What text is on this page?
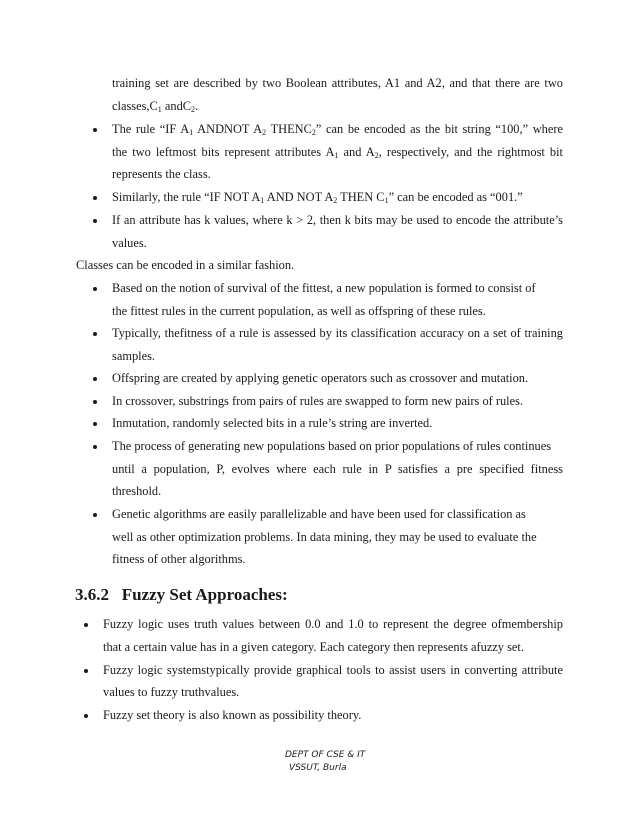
training set are described by two Boolean attributes, A1 and A2, and that there are two
$classes,C_1$ andC$_2$.
The rule “IF $A_1$ ANDNOT $A_2$ $THENC_2$” can be encoded as the bit string “100,” where
the two leftmost bits represent attributes $A_1$ and $A_2$, respectively, and the rightmost bit
represents the class.
Similarly, the rule “IF NOT $A_1$ AND NOT $A_2$ THEN $C_1$” can be encoded as “001.”
If an attribute has k values, where k > 2, then k bits may be used to encode the attribute’s
values.
Classes can be encoded in a similar fashion.
Based on the notion of survival of the fittest, a new population is formed to consist of
the fittest rules in the current population, as well as offspring of these rules.
Typically, thefitness of a rule is assessed by its classification accuracy on a set of training
samples.
Offspring are created by applying genetic operators such as crossover and mutation.
In crossover, substrings from pairs of rules are swapped to form new pairs of rules.
Inmutation, randomly selected bits in a rule’s string are inverted.
The process of generating new populations based on prior populations of rules continues
until a population, P, evolves where each rule in P satisfies a pre specified fitness
threshold.
Genetic algorithms are easily parallelizable and have been used for classification as
well as other optimization problems. In data mining, they may be used to evaluate the
fitness of other algorithms.
3.6.2   Fuzzy Set Approaches:
Fuzzy logic uses truth values between 0.0 and 1.0 to represent the degree ofmembership
that a certain value has in a given category. Each category then represents afuzzy set.
Fuzzy logic systemstypically provide graphical tools to assist users in converting attribute
values to fuzzy truthvalues.
Fuzzy set theory is also known as possibility theory.
DEPT OF CSE & IT
VSSUT, Burla
